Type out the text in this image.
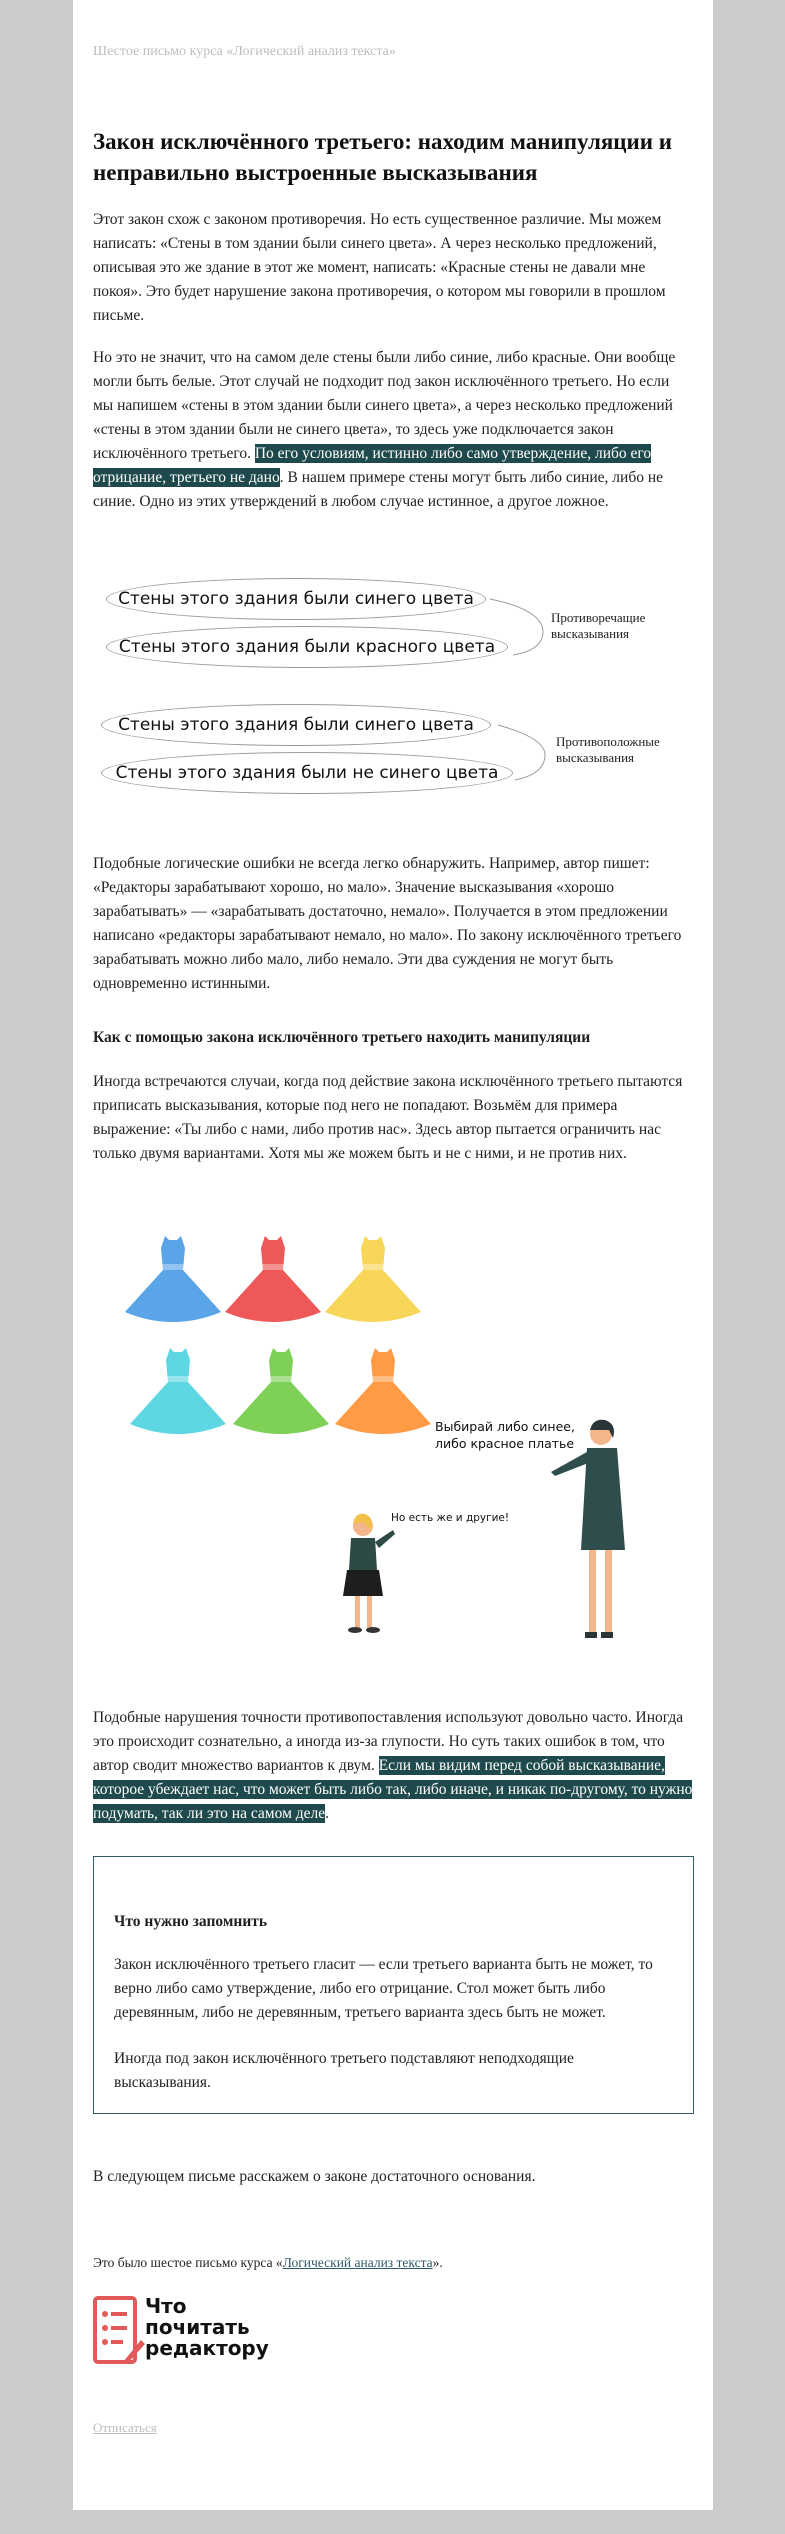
Шестое письмо курса «Логический анализ текста»
Закон исключённого третьего: находим манипуляции и неправильно выстроенные высказывания

Этот закон схож с законом противоречия. Но есть существенное различие. Мы можем написать: «Стены в том здании были синего цвета». А через несколько предложений, описывая это же здание в этот же момент, написать: «Красные стены не давали мне покоя». Это будет нарушение закона противоречия, о котором мы говорили в прошлом письме.

Но это не значит, что на самом деле стены были либо синие, либо красные. Они вообще могли быть белые. Этот случай не подходит под закон исключённого третьего. Но если мы напишем «стены в этом здании были синего цвета», а через несколько предложений «стены в этом здании были не синего цвета», то здесь уже подключается закон исключённого третьего. По его условиям, истинно либо само утверждение, либо его отрицание, третьего не дано. В нашем примере стены могут быть либо синие, либо не синие. Одно из этих утверждений в любом случае истинное, а другое ложное.

Стены этого здания были синего цвета
Стены этого здания были красного цвета
Противоречащие высказывания
Стены этого здания были синего цвета
Стены этого здания были не синего цвета
Противоположные высказывания

Подобные логические ошибки не всегда легко обнаружить. Например, автор пишет: «Редакторы зарабатывают хорошо, но мало». Значение высказывания «хорошо зарабатывать» — «зарабатывать достаточно, немало». Получается в этом предложении написано «редакторы зарабатывают немало, но мало». По закону исключённого третьего зарабатывать можно либо мало, либо немало. Эти два суждения не могут быть одновременно истинными.

Как с помощью закона исключённого третьего находить манипуляции

Иногда встречаются случаи, когда под действие закона исключённого третьего пытаются приписать высказывания, которые под него не попадают. Возьмём для примера выражение: «Ты либо с нами, либо против нас». Здесь автор пытается ограничить нас только двумя вариантами. Хотя мы же можем быть и не с ними, и не против них.

Выбирай либо синее, либо красное платье
Но есть же и другие!

Подобные нарушения точности противопоставления используют довольно часто. Иногда это происходит сознательно, а иногда из-за глупости. Но суть таких ошибок в том, что автор сводит множество вариантов к двум. Если мы видим перед собой высказывание, которое убеждает нас, что может быть либо так, либо иначе, и никак по-другому, то нужно подумать, так ли это на самом деле.

Что нужно запомнить

Закон исключённого третьего гласит — если третьего варианта быть не может, то верно либо само утверждение, либо его отрицание. Стол может быть либо деревянным, либо не деревянным, третьего варианта здесь быть не может.

Иногда под закон исключённого третьего подставляют неподходящие высказывания.

В следующем письме расскажем о законе достаточного основания.

Это было шестое письмо курса «Логический анализ текста».

Что
почитать
редактору
Отписаться
